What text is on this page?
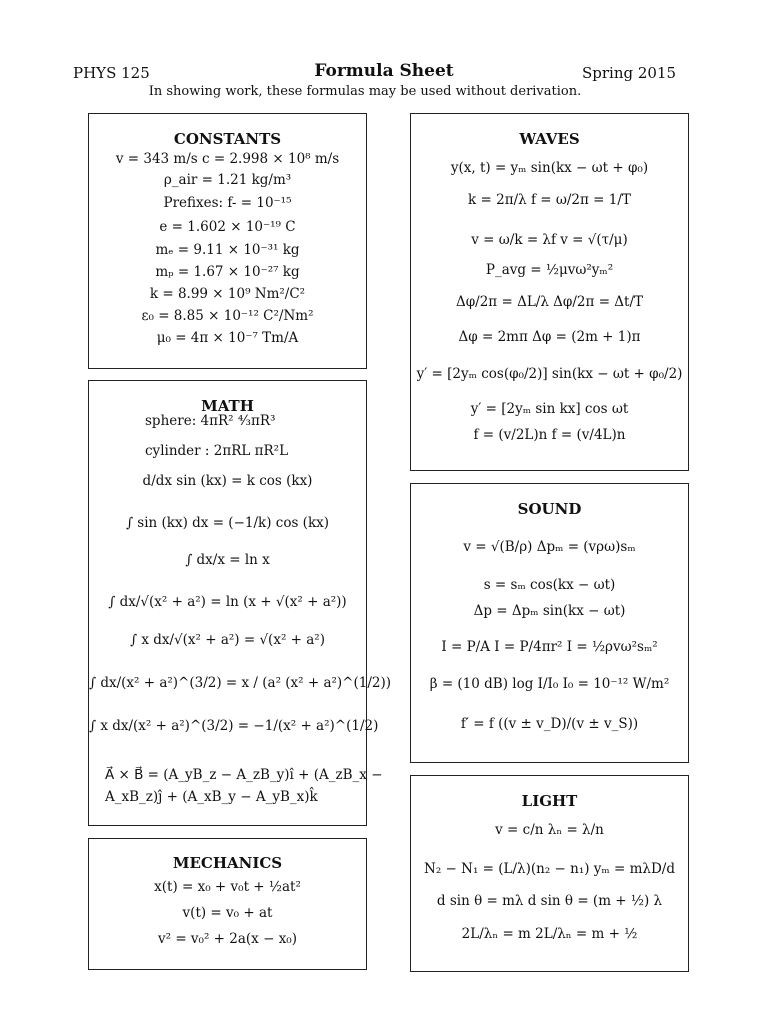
PHYS 125	Formula Sheet	Spring 2015
In showing work, these formulas may be used without derivation.
CONSTANTS
v = 343 m/s c = 2.998 × 10⁸ m/s
ρ_air = 1.21 kg/m³
Prefixes: f- = 10⁻¹⁵
e = 1.602 × 10⁻¹⁹ C
mₑ = 9.11 × 10⁻³¹ kg
mₚ = 1.67 × 10⁻²⁷ kg
k = 8.99 × 10⁹ Nm²/C²
ε₀ = 8.85 × 10⁻¹² C²/Nm²
μ₀ = 4π × 10⁻⁷ Tm/A
MATH
sphere: 4πR² ⁴⁄₃πR³
cylinder : 2πRL πR²L
d/dx sin (kx) = k cos (kx)
∫ sin (kx) dx = (−1/k) cos (kx)
∫ dx/x = ln x
∫ dx/√(x² + a²) = ln (x + √(x² + a²))
∫ x dx/√(x² + a²) = √(x² + a²)
∫ dx/(x² + a²)^(3/2) = x / (a² (x² + a²)^(1/2))
∫ x dx/(x² + a²)^(3/2) = −1/(x² + a²)^(1/2)
A⃗ × B⃗ = (A_yB_z − A_zB_y)î + (A_zB_x −
A_xB_z)ĵ + (A_xB_y − A_yB_x)k̂
MECHANICS
x(t) = x₀ + v₀t + ½at²
v(t) = v₀ + at
v² = v₀² + 2a(x − x₀)
WAVES
y(x, t) = yₘ sin(kx − ωt + φ₀)
k = 2π/λ f = ω/2π = 1/T
v = ω/k = λf v = √(τ/μ)
P_avg = ½μvω²yₘ²
Δφ/2π = ΔL/λ Δφ/2π = Δt/T
Δφ = 2mπ Δφ = (2m + 1)π
y′ = [2yₘ cos(φ₀/2)] sin(kx − ωt + φ₀/2)
y′ = [2yₘ sin kx] cos ωt
f = (v/2L)n f = (v/4L)n
SOUND
v = √(B/ρ) Δpₘ = (vρω)sₘ
s = sₘ cos(kx − ωt)
Δp = Δpₘ sin(kx − ωt)
I = P/A I = P/4πr² I = ½ρvω²sₘ²
β = (10 dB) log I/I₀ I₀ = 10⁻¹² W/m²
f′ = f ((v ± v_D)/(v ± v_S))
LIGHT
v = c/n λₙ = λ/n
N₂ − N₁ = (L/λ)(n₂ − n₁) yₘ = mλD/d
d sin θ = mλ d sin θ = (m + ½) λ
2L/λₙ = m 2L/λₙ = m + ½
